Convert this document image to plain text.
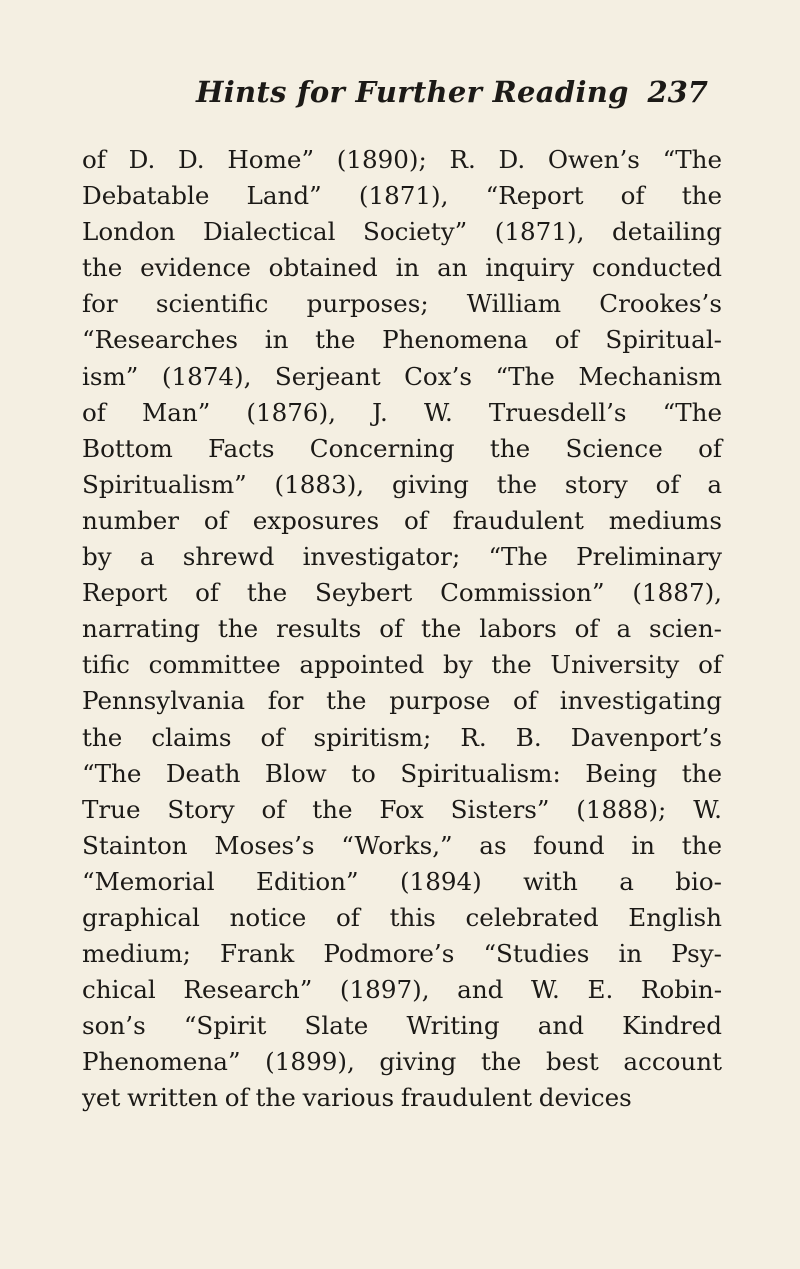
Hints for Further Reading 237
of D. D. Home” (1890); R. D. Owen’s “The
Debatable Land” (1871), “Report of the
London Dialectical Society” (1871), detailing
the evidence obtained in an inquiry conducted
for scientific purposes; William Crookes’s
“Researches in the Phenomena of Spiritual-
ism” (1874), Serjeant Cox’s “The Mechanism
of Man” (1876), J. W. Truesdell’s “The
Bottom Facts Concerning the Science of
Spiritualism” (1883), giving the story of a
number of exposures of fraudulent mediums
by a shrewd investigator; “The Preliminary
Report of the Seybert Commission” (1887),
narrating the results of the labors of a scien-
tific committee appointed by the University of
Pennsylvania for the purpose of investigating
the claims of spiritism; R. B. Davenport’s
“The Death Blow to Spiritualism: Being the
True Story of the Fox Sisters” (1888); W.
Stainton Moses’s “Works,” as found in the
“Memorial Edition” (1894) with a bio-
graphical notice of this celebrated English
medium; Frank Podmore’s “Studies in Psy-
chical Research” (1897), and W. E. Robin-
son’s “Spirit Slate Writing and Kindred
Phenomena” (1899), giving the best account
yet written of the various fraudulent devices
